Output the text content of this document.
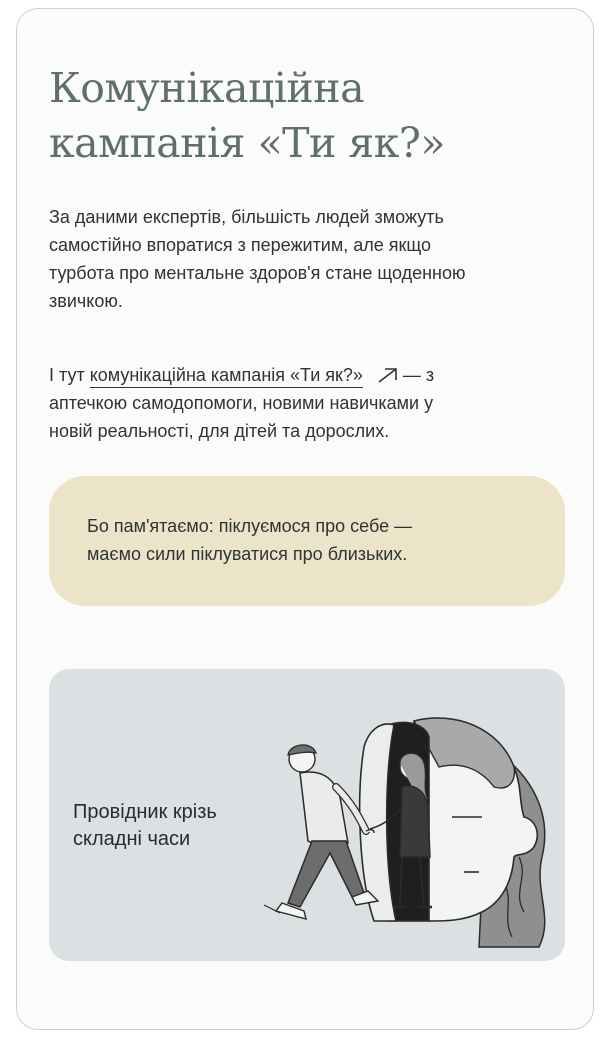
Комунікаційна
кампанія «Ти як?»

За даними експертів, більшість людей зможуть
самостійно впоратися з пережитим, але якщо
турбота про ментальне здоров'я стане щоденною
звичкою.

І тут комунікаційна кампанія «Ти як?» — з
аптечкою самодопомоги, новими навичками у
новій реальності, для дітей та дорослих.

Бо пам'ятаємо: піклуємося про себе —
маємо сили піклуватися про близьких.

Провідник крізь
складні часи
